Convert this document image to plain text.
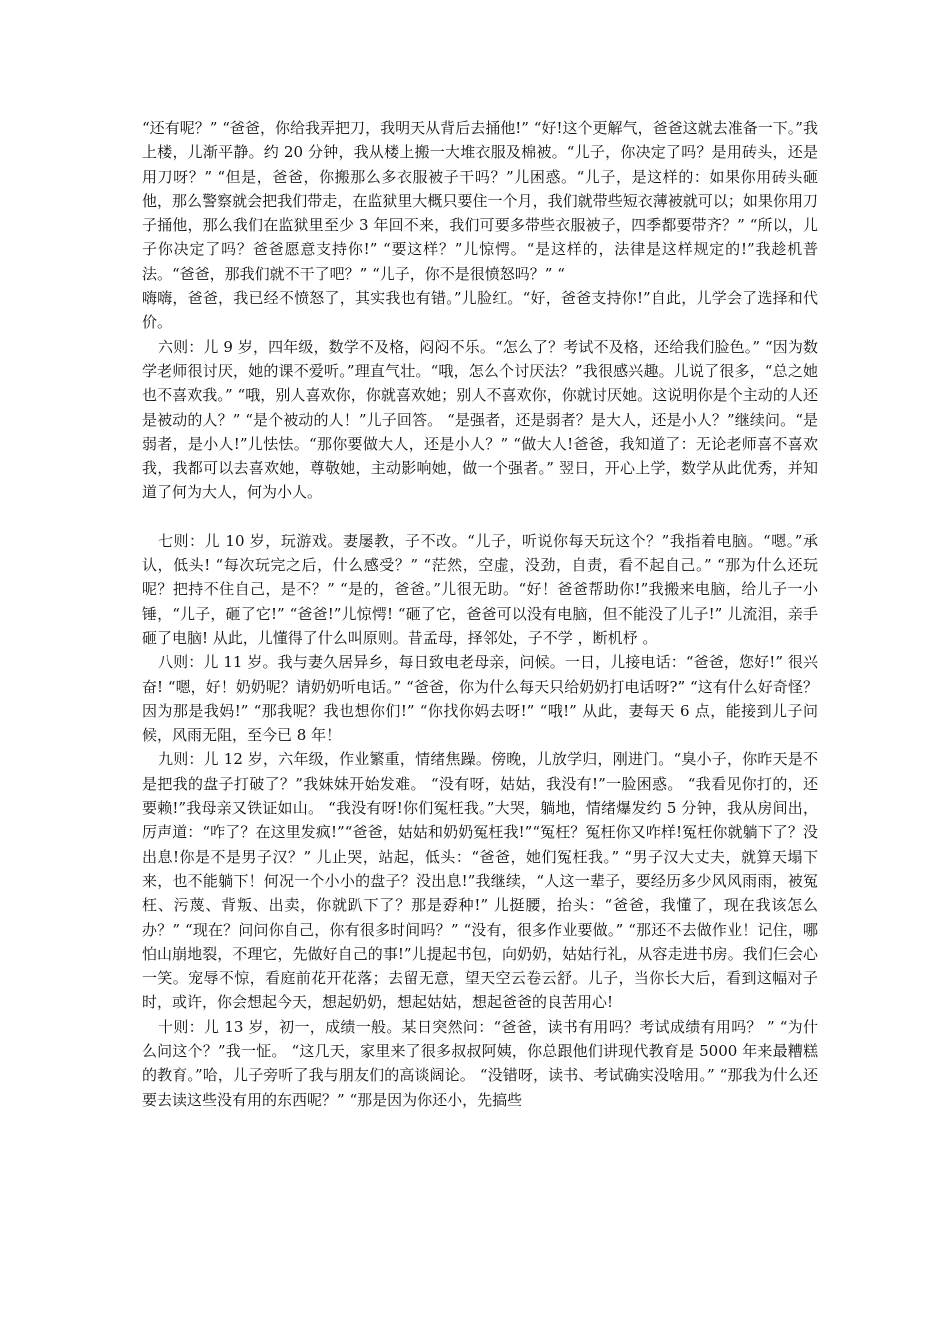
“还有呢？” “爸爸，你给我弄把刀，我明天从背后去捅他!” “好!这个更解气，爸爸这就去准备一下。”我上楼，儿渐平静。约 20 分钟，我从楼上搬一大堆衣服及棉被。“儿子，你决定了吗？是用砖头，还是用刀呀？” “但是，爸爸，你搬那么多衣服被子干吗？”儿困惑。“儿子，是这样的：如果你用砖头砸他，那么警察就会把我们带走，在监狱里大概只要住一个月，我们就带些短衣薄被就可以；如果你用刀子捅他，那么我们在监狱里至少 3 年回不来，我们可要多带些衣服被子，四季都要带齐？” “所以，儿子你决定了吗？爸爸愿意支持你!” “要这样？”儿惊愕。“是这样的，法律是这样规定的!”我趁机普法。“爸爸，那我们就不干了吧？” “儿子，你不是很愤怒吗？” “

嗨嗨，爸爸，我已经不愤怒了，其实我也有错。”儿脸红。“好，爸爸支持你!”自此，儿学会了选择和代价。

六则：儿 9 岁，四年级，数学不及格，闷闷不乐。“怎么了？考试不及格，还给我们脸色。” “因为数学老师很讨厌，她的课不爱听。”理直气壮。“哦，怎么个讨厌法？”我很感兴趣。儿说了很多，“总之她也不喜欢我。” “哦，别人喜欢你，你就喜欢她；别人不喜欢你，你就讨厌她。这说明你是个主动的人还是被动的人？” “是个被动的人！”儿子回答。 “是强者，还是弱者？是大人，还是小人？”继续问。“是弱者，是小人!”儿怯怯。“那你要做大人，还是小人？” “做大人!爸爸，我知道了：无论老师喜不喜欢我，我都可以去喜欢她，尊敬她，主动影响她，做一个强者。” 翌日，开心上学，数学从此优秀，并知道了何为大人，何为小人。

七则：儿 10 岁，玩游戏。妻屡教，子不改。“儿子，听说你每天玩这个？”我指着电脑。“嗯。”承认，低头! “每次玩完之后，什么感受？” “茫然，空虚，没劲，自责，看不起自己。” “那为什么还玩呢？把持不住自己，是不？” “是的，爸爸。”儿很无助。“好！爸爸帮助你!”我搬来电脑，给儿子一小锤，“儿子，砸了它!” “爸爸!”儿惊愕! “砸了它，爸爸可以没有电脑，但不能没了儿子!” 儿流泪，亲手砸了电脑! 从此，儿懂得了什么叫原则。昔孟母，择邻处，子不学 ，断机杼 。

八则：儿 11 岁。我与妻久居异乡，每日致电老母亲，问候。一日，儿接电话：“爸爸，您好!” 很兴奋! “嗯，好！奶奶呢？请奶奶听电话。” “爸爸，你为什么每天只给奶奶打电话呀?” “这有什么好奇怪？因为那是我妈!” “那我呢？我也想你们!” “你找你妈去呀!” “哦!” 从此，妻每天 6 点，能接到儿子问候，风雨无阻，至今已 8 年！

九则：儿 12 岁，六年级，作业繁重，情绪焦躁。傍晚，儿放学归，刚进门。“臭小子，你昨天是不是把我的盘子打破了？”我妹妹开始发难。 “没有呀，姑姑，我没有!”一脸困惑。 “我看见你打的，还要赖!”我母亲又铁证如山。 “我没有呀!你们冤枉我。”大哭，躺地，情绪爆发约 5 分钟，我从房间出，厉声道：“咋了？在这里发疯!”“爸爸，姑姑和奶奶冤枉我!”“冤枉？冤枉你又咋样!冤枉你就躺下了？没出息!你是不是男子汉？” 儿止哭，站起，低头：“爸爸，她们冤枉我。” “男子汉大丈夫，就算天塌下来，也不能躺下！何况一个小小的盘子？没出息!”我继续，“人这一辈子，要经历多少风风雨雨，被冤枉、污蔑、背叛、出卖，你就趴下了？那是孬种!” 儿挺腰，抬头：“爸爸，我懂了，现在我该怎么办？” “现在？问问你自己，你有很多时间吗？” “没有，很多作业要做。” “那还不去做作业！记住，哪怕山崩地裂，不理它，先做好自己的事!”儿提起书包，向奶奶，姑姑行礼，从容走进书房。我们仨会心一笑。宠辱不惊，看庭前花开花落；去留无意，望天空云卷云舒。儿子，当你长大后，看到这幅对子时，或许，你会想起今天，想起奶奶，想起姑姑，想起爸爸的良苦用心!

十则：儿 13 岁，初一，成绩一般。某日突然问：“爸爸，读书有用吗？考试成绩有用吗？ ” “为什么问这个？”我一怔。 “这几天，家里来了很多叔叔阿姨，你总跟他们讲现代教育是 5000 年来最糟糕的教育。”哈，儿子旁听了我与朋友们的高谈阔论。 “没错呀，读书、考试确实没啥用。” “那我为什么还要去读这些没有用的东西呢？” “那是因为你还小，先搞些
